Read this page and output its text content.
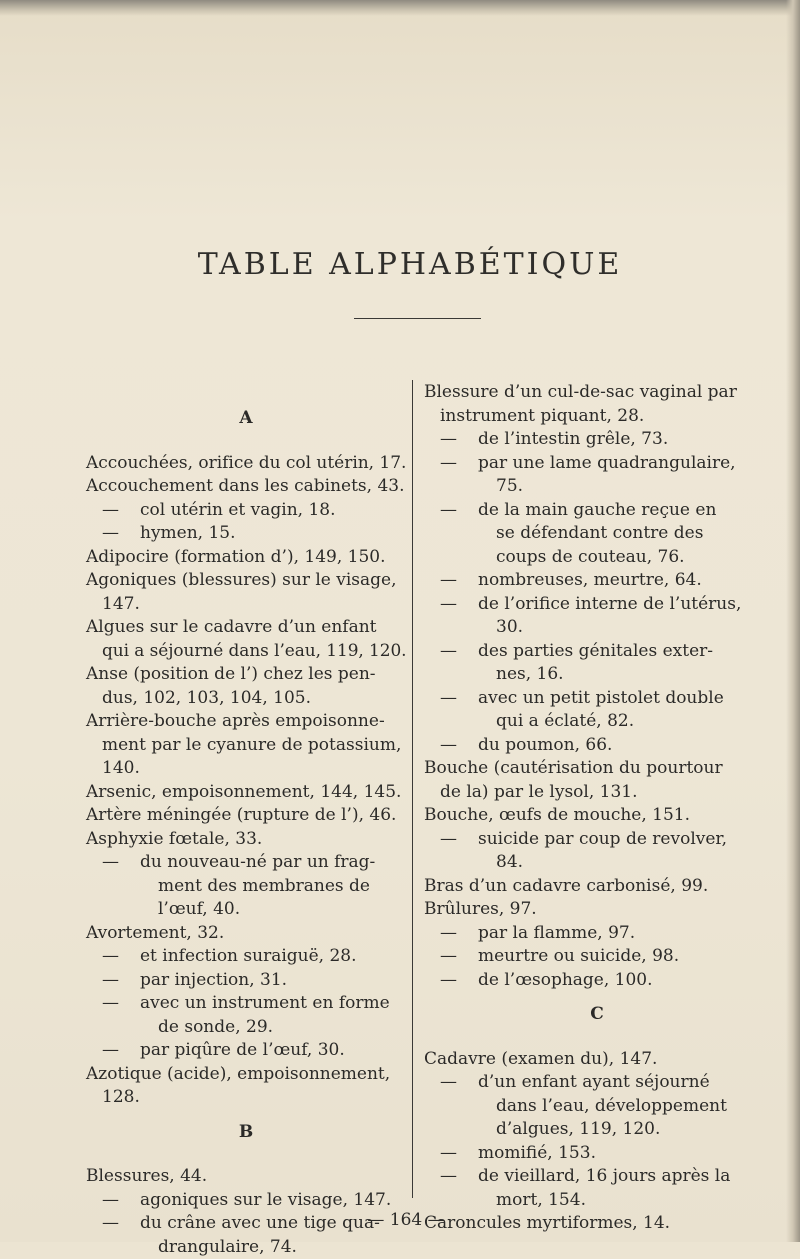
TABLE ALPHABÉTIQUE
A
Accouchées, orifice du col utérin, 17.
Accouchement dans les cabinets, 43.
— col utérin et vagin, 18.
— hymen, 15.
Adipocire (formation d’), 149, 150.
Agoniques (blessures) sur le visage,
147.
Algues sur le cadavre d’un enfant
qui a séjourné dans l’eau, 119, 120.
Anse (position de l’) chez les pen-
dus, 102, 103, 104, 105.
Arrière-bouche après empoisonne-
ment par le cyanure de potassium,
140.
Arsenic, empoisonnement, 144, 145.
Artère méningée (rupture de l’), 46.
Asphyxie fœtale, 33.
— du nouveau-né par un frag-
ment des membranes de
l’œuf, 40.
Avortement, 32.
— et infection suraiguë, 28.
— par injection, 31.
— avec un instrument en forme
de sonde, 29.
— par piqûre de l’œuf, 30.
Azotique (acide), empoisonnement,
128.
B
Blessures, 44.
— agoniques sur le visage, 147.
— du crâne avec une tige qua-
drangulaire, 74.
Blessure d’un cul-de-sac vaginal par
instrument piquant, 28.
— de l’intestin grêle, 73.
— par une lame quadrangulaire,
75.
— de la main gauche reçue en
se défendant contre des
coups de couteau, 76.
— nombreuses, meurtre, 64.
— de l’orifice interne de l’utérus,
30.
— des parties génitales exter-
nes, 16.
— avec un petit pistolet double
qui a éclaté, 82.
— du poumon, 66.
Bouche (cautérisation du pourtour
de la) par le lysol, 131.
Bouche, œufs de mouche, 151.
— suicide par coup de revolver,
84.
Bras d’un cadavre carbonisé, 99.
Brûlures, 97.
— par la flamme, 97.
— meurtre ou suicide, 98.
— de l’œsophage, 100.
C
Cadavre (examen du), 147.
— d’un enfant ayant séjourné
dans l’eau, développement
d’algues, 119, 120.
— momifié, 153.
— de vieillard, 16 jours après la
mort, 154.
Caroncules myrtiformes, 14.
— 164 —
